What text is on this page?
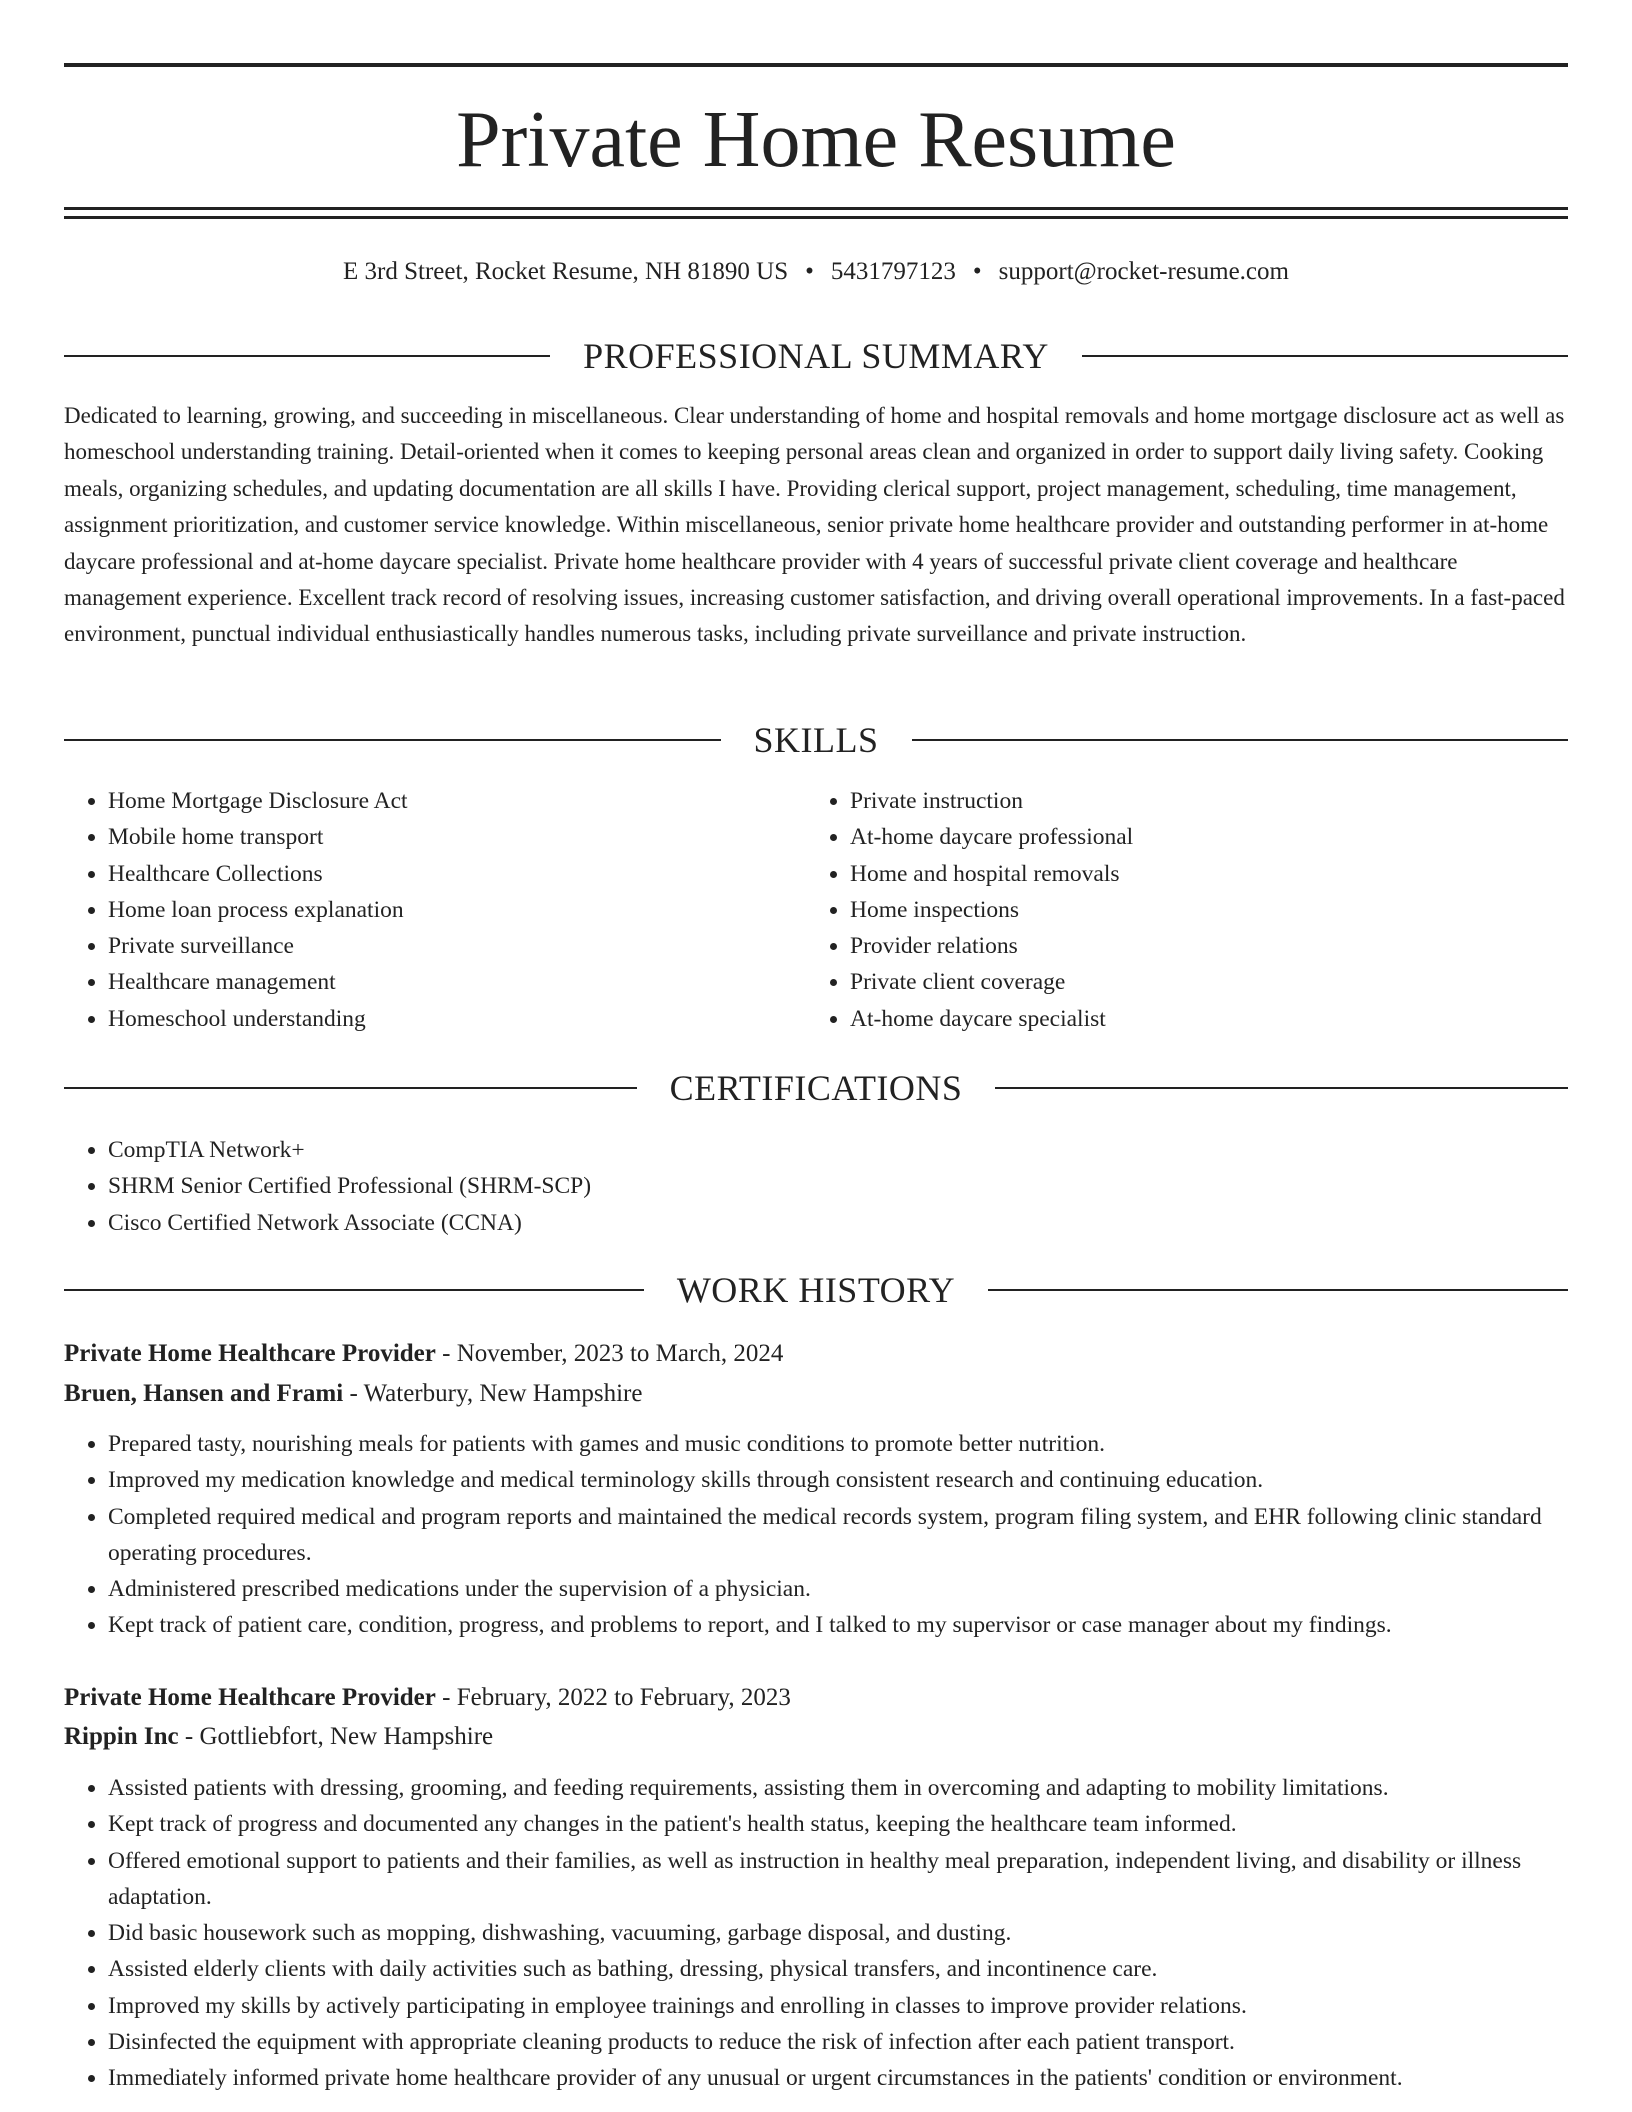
Private Home Resume
E 3rd Street, Rocket Resume, NH 81890 US • 5431797123 • support@rocket-resume.com
PROFESSIONAL SUMMARY

Dedicated to learning, growing, and succeeding in miscellaneous. Clear understanding of home and hospital removals and home mortgage disclosure act as well as homeschool understanding training. Detail-oriented when it comes to keeping personal areas clean and organized in order to support daily living safety. Cooking meals, organizing schedules, and updating documentation are all skills I have. Providing clerical support, project management, scheduling, time management, assignment prioritization, and customer service knowledge. Within miscellaneous, senior private home healthcare provider and outstanding performer in at-home daycare professional and at-home daycare specialist. Private home healthcare provider with 4 years of successful private client coverage and healthcare management experience. Excellent track record of resolving issues, increasing customer satisfaction, and driving overall operational improvements. In a fast-paced environment, punctual individual enthusiastically handles numerous tasks, including private surveillance and private instruction.

SKILLS
• Home Mortgage Disclosure Act
• Mobile home transport
• Healthcare Collections
• Home loan process explanation
• Private surveillance
• Healthcare management
• Homeschool understanding
• Private instruction
• At-home daycare professional
• Home and hospital removals
• Home inspections
• Provider relations
• Private client coverage
• At-home daycare specialist
CERTIFICATIONS
• CompTIA Network+
• SHRM Senior Certified Professional (SHRM-SCP)
• Cisco Certified Network Associate (CCNA)
WORK HISTORY
Private Home Healthcare Provider - November, 2023 to March, 2024
Bruen, Hansen and Frami - Waterbury, New Hampshire
• Prepared tasty, nourishing meals for patients with games and music conditions to promote better nutrition.
• Improved my medication knowledge and medical terminology skills through consistent research and continuing education.
• Completed required medical and program reports and maintained the medical records system, program filing system, and EHR following clinic standard operating procedures.
• Administered prescribed medications under the supervision of a physician.
• Kept track of patient care, condition, progress, and problems to report, and I talked to my supervisor or case manager about my findings.
Private Home Healthcare Provider - February, 2022 to February, 2023
Rippin Inc - Gottliebfort, New Hampshire
• Assisted patients with dressing, grooming, and feeding requirements, assisting them in overcoming and adapting to mobility limitations.
• Kept track of progress and documented any changes in the patient's health status, keeping the healthcare team informed.
• Offered emotional support to patients and their families, as well as instruction in healthy meal preparation, independent living, and disability or illness adaptation.
• Did basic housework such as mopping, dishwashing, vacuuming, garbage disposal, and dusting.
• Assisted elderly clients with daily activities such as bathing, dressing, physical transfers, and incontinence care.
• Improved my skills by actively participating in employee trainings and enrolling in classes to improve provider relations.
• Disinfected the equipment with appropriate cleaning products to reduce the risk of infection after each patient transport.
• Immediately informed private home healthcare provider of any unusual or urgent circumstances in the patients' condition or environment.
